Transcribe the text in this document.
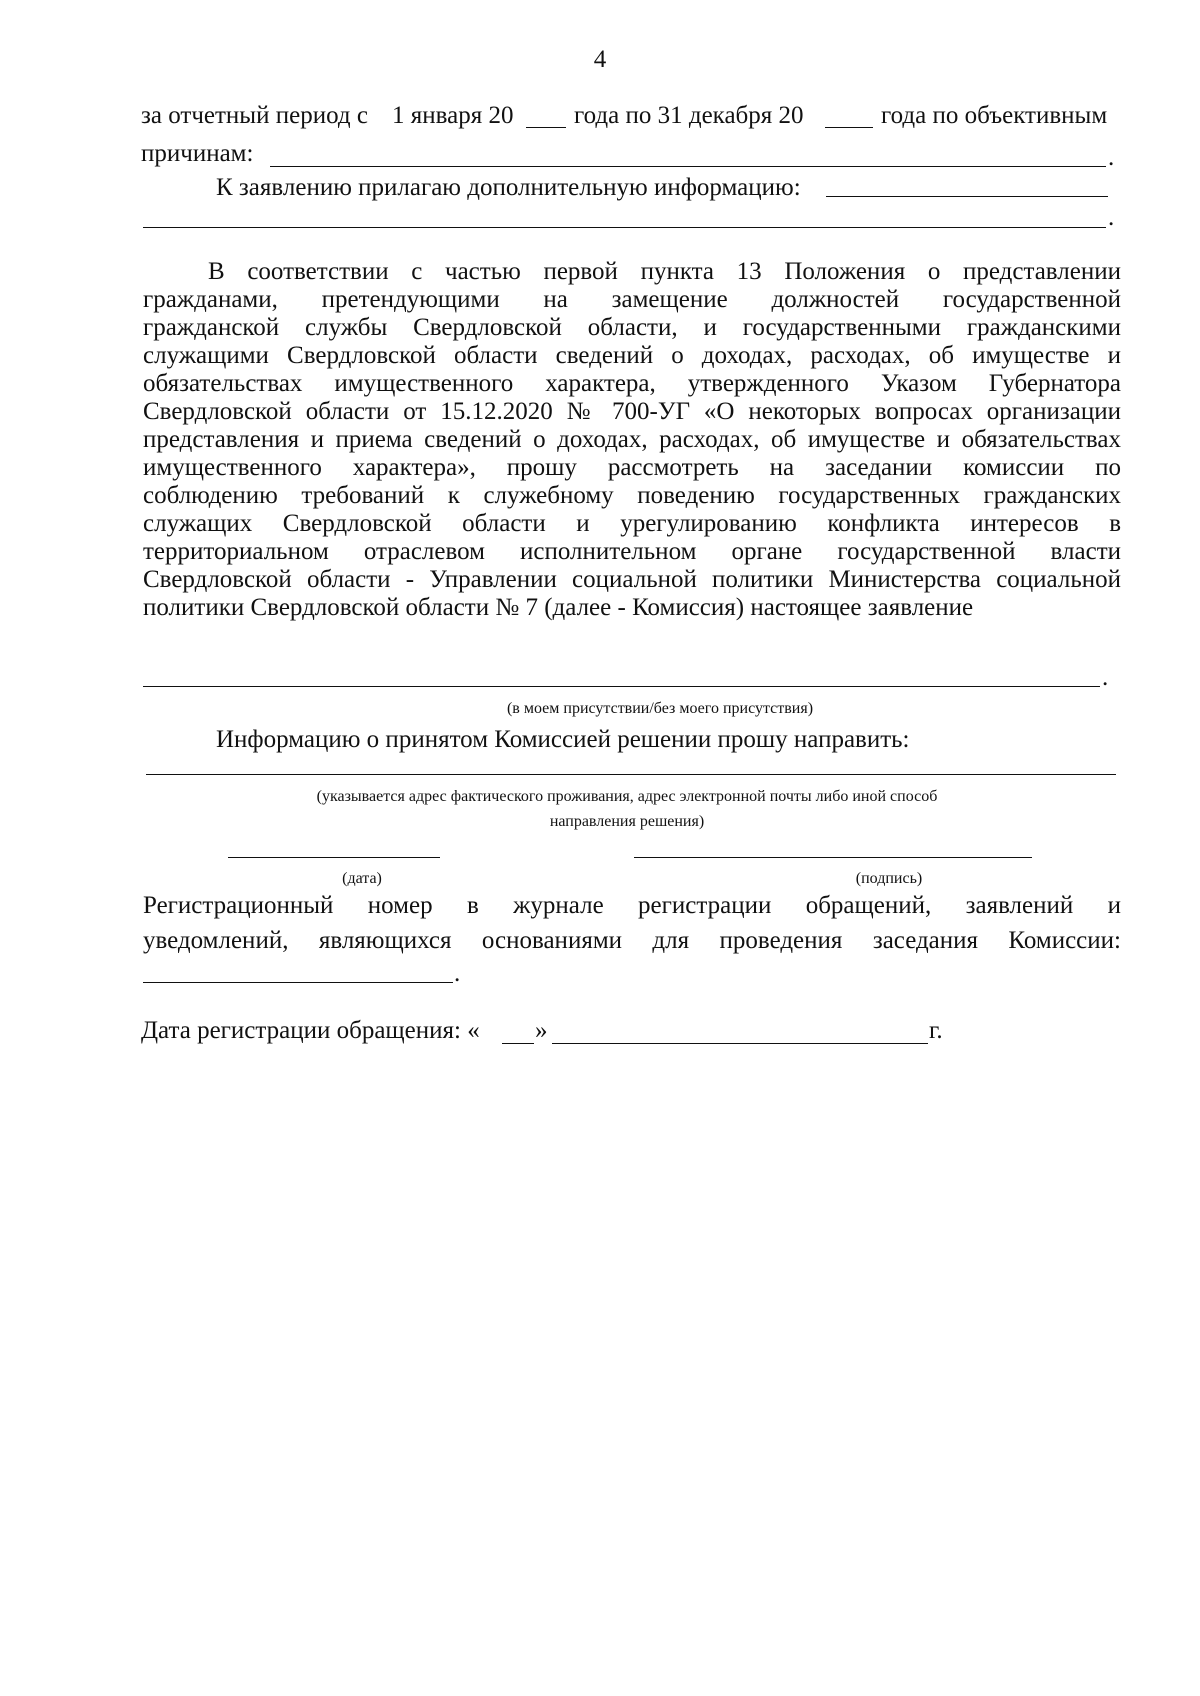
4
за отчетный период с 1 января 20 года по 31 декабря 20	года по объективным
причинам:	.
К заявлению прилагаю дополнительную информацию:
.
В соответствии с частью первой пункта 13 Положения о представлении
гражданами, претендующими на замещение должностей государственной
гражданской службы Свердловской области, и государственными гражданскими
служащими Свердловской области сведений о доходах, расходах, об имуществе и
обязательствах имущественного характера, утвержденного Указом Губернатора
Свердловской области от 15.12.2020 № 700-УГ «О некоторых вопросах организации
представления и приема сведений о доходах, расходах, об имуществе и обязательствах
имущественного характера», прошу рассмотреть на заседании комиссии по
соблюдению требований к служебному поведению государственных гражданских
служащих Свердловской области и урегулированию конфликта интересов в
территориальном отраслевом исполнительном органе государственной власти
Свердловской области - Управлении социальной политики Министерства социальной
политики Свердловской области № 7 (далее - Комиссия) настоящее заявление
.
(в моем присутствии/без моего присутствия)
Информацию о принятом Комиссией решении прошу направить:
(указывается адрес фактического проживания, адрес электронной почты либо иной способ
направления решения)
(дата)	(подпись)
Регистрационный номер в журнале регистрации обращений, заявлений и
уведомлений, являющихся основаниями для проведения заседания Комиссии:
.
Дата регистрации обращения: « »	г.
